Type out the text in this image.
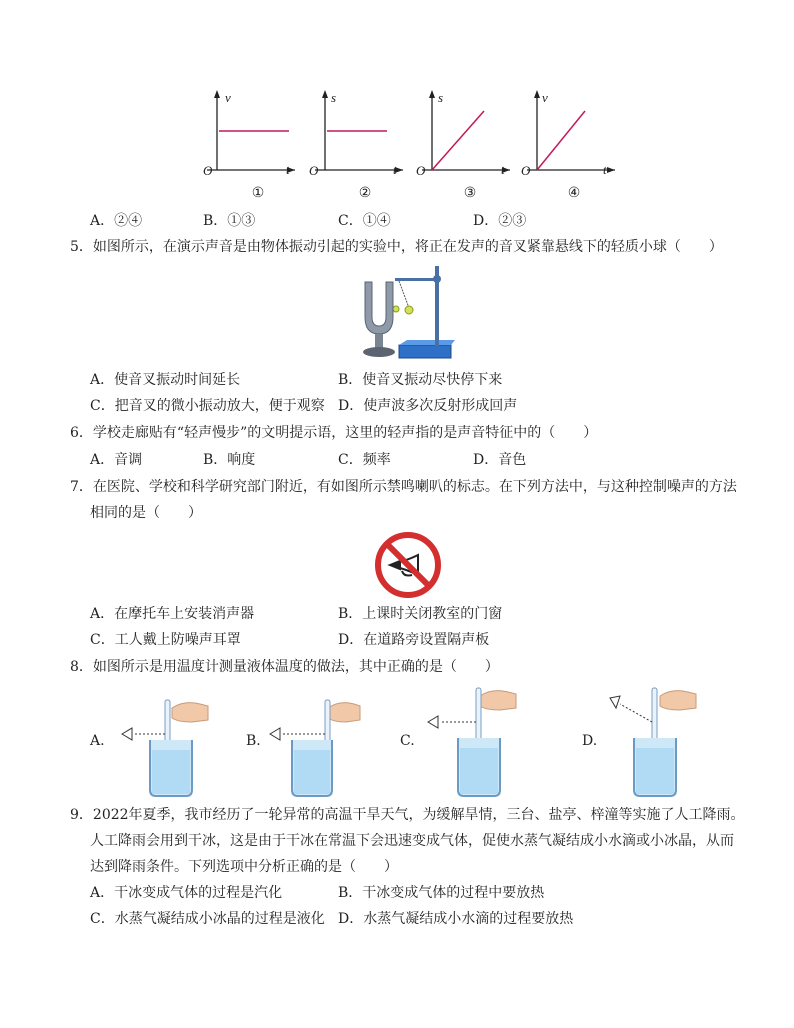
v
O	t
①
s
O	t
②
s
O	t
③
v
O	t
④
A．②④	B．①③	C．①④	D．②③
5．如图所示，在演示声音是由物体振动引起的实验中，将正在发声的音叉紧靠悬线下的轻质小球（　　）
A．使音叉振动时间延长	B．使音叉振动尽快停下来
C．把音叉的微小振动放大，便于观察 D．使声波多次反射形成回声
6．学校走廊贴有“轻声慢步”的文明提示语，这里的轻声指的是声音特征中的（　　）
A．音调	B．响度	C．频率	D．音色
7．在医院、学校和科学研究部门附近，有如图所示禁鸣喇叭的标志。在下列方法中，与这种控制噪声的方法
相同的是（　　）
A．在摩托车上安装消声器	B．上课时关闭教室的门窗
C．工人戴上防噪声耳罩	D．在道路旁设置隔声板
8．如图所示是用温度计测量液体温度的做法，其中正确的是（　　）
A.	B.	C.	D.
9．2022年夏季，我市经历了一轮异常的高温干旱天气，为缓解旱情，三台、盐亭、梓潼等实施了人工降雨。
人工降雨会用到干冰，这是由于干冰在常温下会迅速变成气体，促使水蒸气凝结成小水滴或小冰晶，从而
达到降雨条件。下列选项中分析正确的是（　　）
A．干冰变成气体的过程是汽化	B．干冰变成气体的过程中要放热
C．水蒸气凝结成小冰晶的过程是液化 D．水蒸气凝结成小水滴的过程要放热
